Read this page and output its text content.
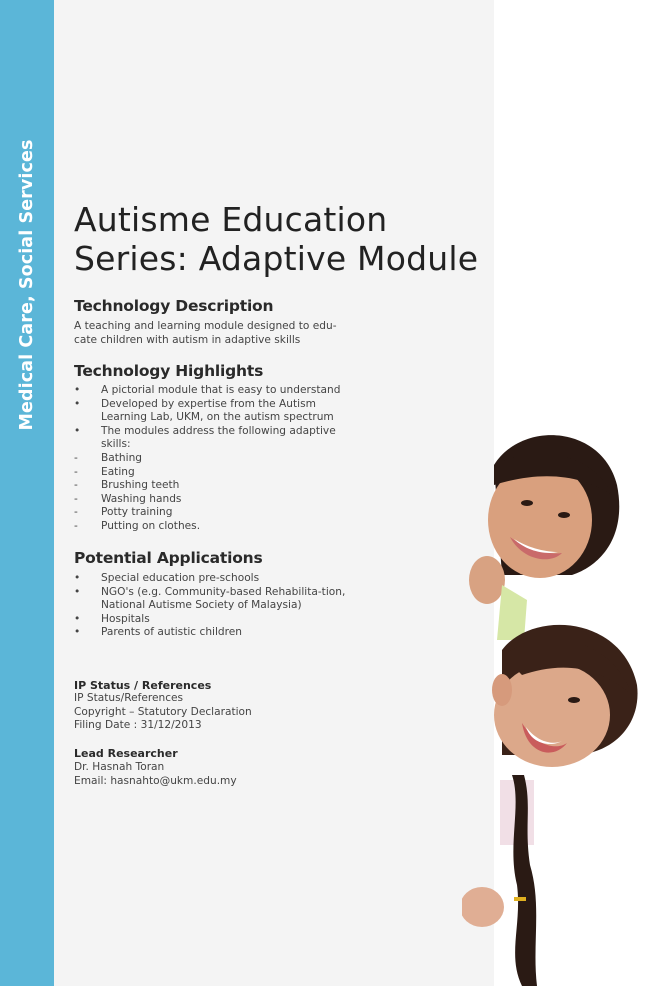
Medical Care, Social Services Autisme Education
Series: Adaptive Module
Technology Description
A teaching and learning module designed to edu-
cate children with autism in adaptive skills
Technology Highlights
•	A pictorial module that is easy to understand
•	Developed by expertise from the Autism Learning Lab, UKM, on the autism spectrum
•	The modules address the following adaptive skills:
-	Bathing
-	Eating
-	Brushing teeth
-	Washing hands
-	Potty training
-	Putting on clothes.
Potential Applications
•	Special education pre-schools
•	NGO's (e.g. Community-based Rehabilita-tion, National Autisme Society of Malaysia)
•	Hospitals
•	Parents of autistic children
IP Status / References
IP Status/References
Copyright – Statutory Declaration
Filing Date : 31/12/2013
Lead Researcher
Dr. Hasnah Toran
Email: hasnahto@ukm.edu.my
